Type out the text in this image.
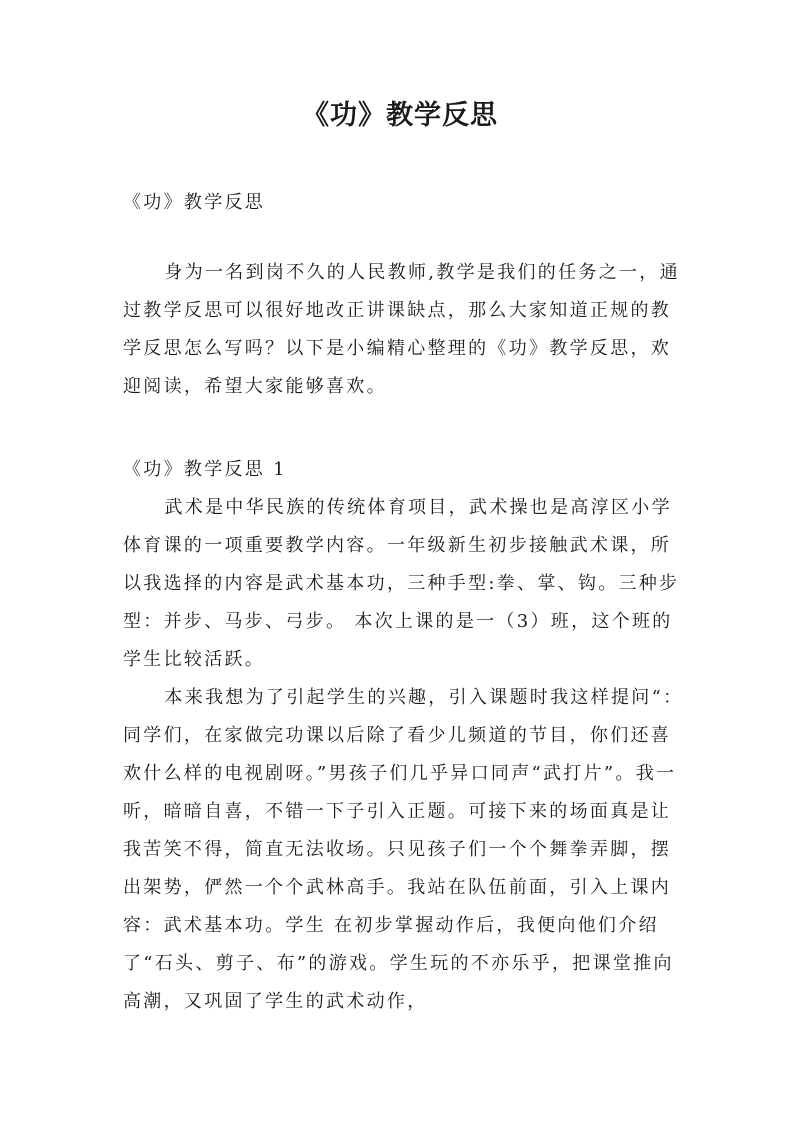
《功》教学反思
《功》教学反思

身为一名到岗不久的人民教师,教学是我们的任务之一，通过教学反思可以很好地改正讲课缺点，那么大家知道正规的教学反思怎么写吗？以下是小编精心整理的《功》教学反思，欢迎阅读，希望大家能够喜欢。

《功》教学反思 1

武术是中华民族的传统体育项目，武术操也是高淳区小学体育课的一项重要教学内容。一年级新生初步接触武术课，所以我选择的内容是武术基本功，三种手型:拳、掌、钩。三种步型：并步、马步、弓步。 本次上课的是一（3）班，这个班的学生比较活跃。

本来我想为了引起学生的兴趣，引入课题时我这样提问“：同学们，在家做完功课以后除了看少儿频道的节目，你们还喜欢什么样的电视剧呀。”男孩子们几乎异口同声“武打片”。我一听，暗暗自喜，不错一下子引入正题。可接下来的场面真是让我苦笑不得，简直无法收场。只见孩子们一个个舞拳弄脚，摆出架势，俨然一个个武林高手。我站在队伍前面，引入上课内容：武术基本功。学生 在初步掌握动作后，我便向他们介绍了“石头、剪子、布”的游戏。学生玩的不亦乐乎，把课堂推向高潮，又巩固了学生的武术动作，
